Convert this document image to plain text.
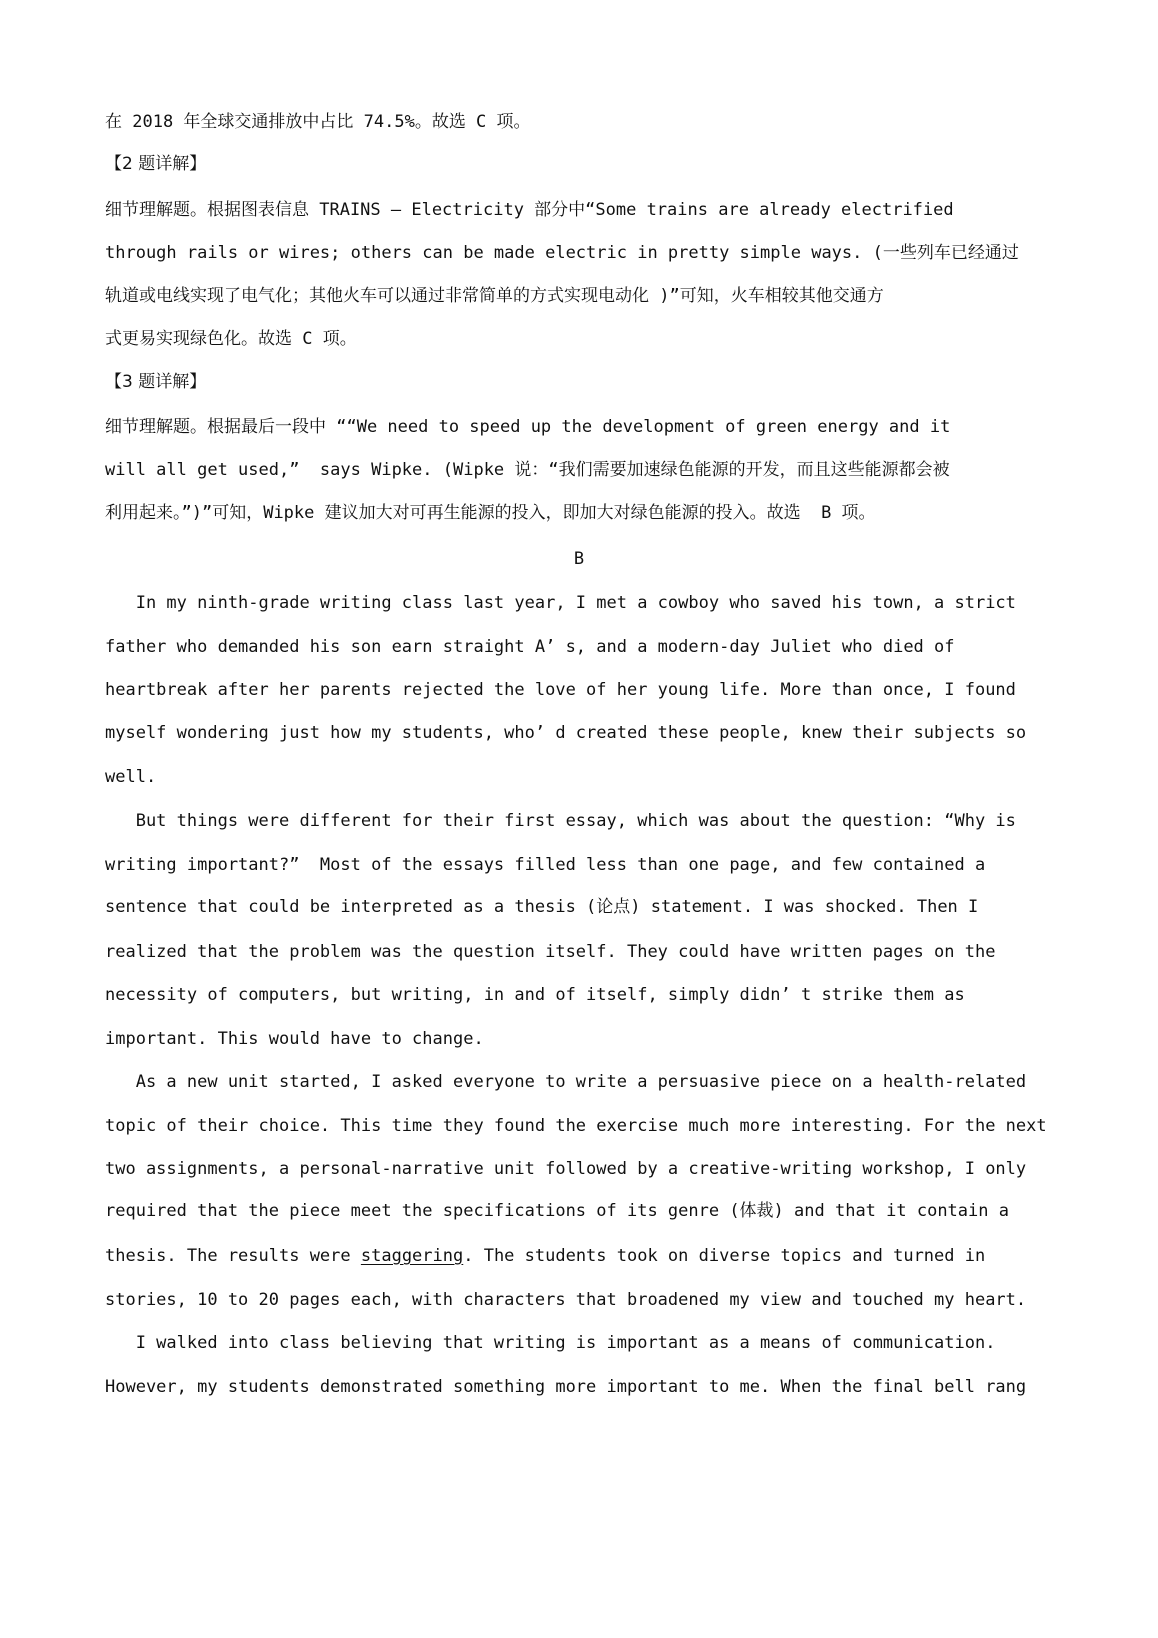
在 2018 年全球交通排放中占比 74.5%。故选 C 项。
【2 题详解】
细节理解题。根据图表信息 TRAINS — Electricity 部分中“Some trains are already electrified
through rails or wires; others can be made electric in pretty simple ways. (一些列车已经通过
轨道或电线实现了电气化；其他火车可以通过非常简单的方式实现电动化 )”可知，火车相较其他交通方
式更易实现绿色化。故选 C 项。
【3 题详解】
细节理解题。根据最后一段中 ““We need to speed up the development of green energy and it
will all get used,”  says Wipke. (Wipke 说：“我们需要加速绿色能源的开发，而且这些能源都会被
利用起来。”)”可知，Wipke 建议加大对可再生能源的投入，即加大对绿色能源的投入。故选  B 项。
B
In my ninth-grade writing class last year, I met a cowboy who saved his town, a strict
father who demanded his son earn straight A’ s, and a modern-day Juliet who died of
heartbreak after her parents rejected the love of her young life. More than once, I found
myself wondering just how my students, who’ d created these people, knew their subjects so
well.
But things were different for their first essay, which was about the question: “Why is
writing important?”  Most of the essays filled less than one page, and few contained a
sentence that could be interpreted as a thesis (论点) statement. I was shocked. Then I
realized that the problem was the question itself. They could have written pages on the
necessity of computers, but writing, in and of itself, simply didn’ t strike them as
important. This would have to change.
As a new unit started, I asked everyone to write a persuasive piece on a health-related
topic of their choice. This time they found the exercise much more interesting. For the next
two assignments, a personal-narrative unit followed by a creative-writing workshop, I only
required that the piece meet the specifications of its genre (体裁) and that it contain a
thesis. The results were staggering. The students took on diverse topics and turned in
stories, 10 to 20 pages each, with characters that broadened my view and touched my heart.
I walked into class believing that writing is important as a means of communication.
However, my students demonstrated something more important to me. When the final bell rang
